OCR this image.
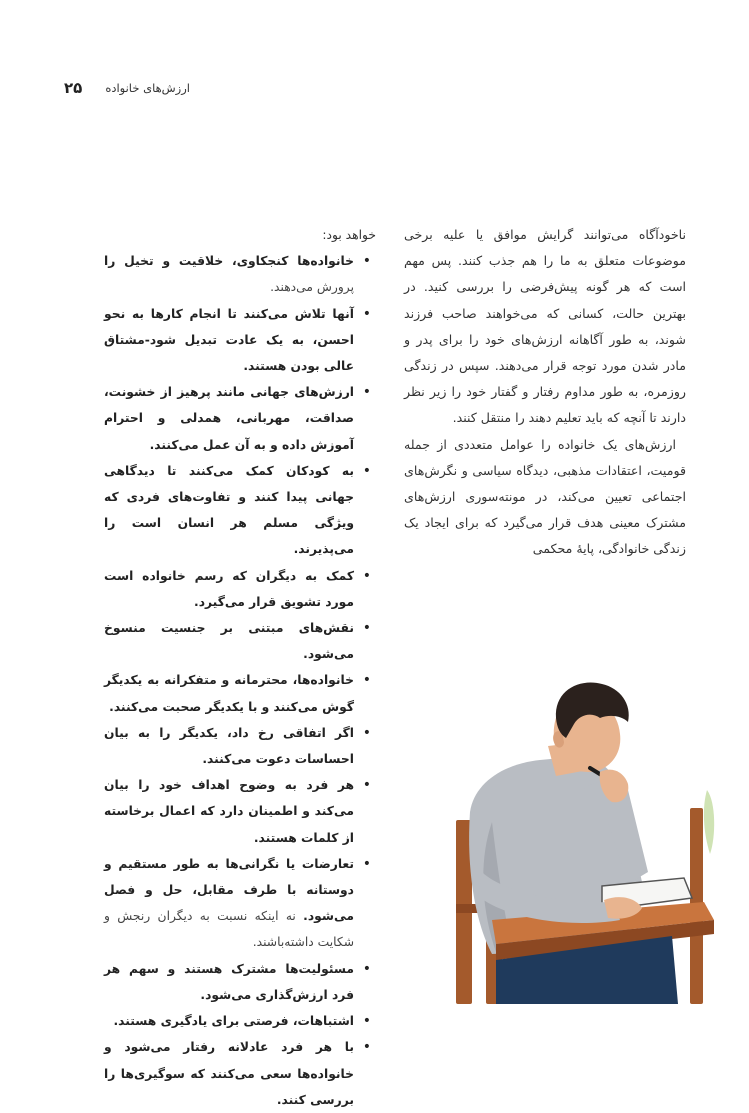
۲۵ ارزش‌های خانواده

ناخودآگاه می‌توانند گرایش موافق یا علیه برخی موضوعات متعلق به ما را هم جذب کنند. پس مهم است که هر گونه پیش‌فرضی را بررسی کنید. در بهترین حالت، کسانی که می‌خواهند صاحب فرزند شوند، به طور آگاهانه ارزش‌های خود را برای پدر و مادر شدن مورد توجه قرار می‌دهند. سپس در زندگی روزمره، به طور مداوم رفتار و گفتار خود را زیر نظر دارند تا آنچه که باید تعلیم دهند را منتقل کنند.

ارزش‌های یک خانواده را عوامل متعددی از جمله قومیت، اعتقادات مذهبی، دیدگاه سیاسی و نگرش‌های اجتماعی تعیین می‌کند، در مونته‌سوری ارزش‌های مشترک معینی هدف قرار می‌گیرد که برای ایجاد یک زندگی خانوادگی، پایهٔ محکمی

خواهد بود:

• خانواده‌ها کنجکاوی، خلاقیت و تخیل را پرورش می‌دهند.
• آنها تلاش می‌کنند تا انجام کارها به نحو احسن، به یک عادت تبدیل شود-مشتاق عالی بودن هستند.
• ارزش‌های جهانی مانند پرهیز از خشونت، صداقت، مهربانی، همدلی و احترام آموزش داده و به آن عمل می‌کنند.
• به کودکان کمک می‌کنند تا دیدگاهی جهانی پیدا کنند و تفاوت‌های فردی که ویژگی مسلم هر انسان است را می‌پذیرند.
• کمک به دیگران که رسم خانواده است مورد تشویق قرار می‌گیرد.
• نقش‌های مبتنی بر جنسیت منسوخ می‌شود.
• خانواده‌ها، محترمانه و متفکرانه به یکدیگر گوش می‌کنند و با یکدیگر صحبت می‌کنند.
• اگر اتفاقی رخ داد، یکدیگر را به بیان احساسات دعوت می‌کنند.
• هر فرد به وضوح اهداف خود را بیان می‌کند و اطمینان دارد که اعمال برخاسته از کلمات هستند.
• تعارضات یا نگرانی‌ها به طور مستقیم و دوستانه با طرف مقابل، حل و فصل می‌شود. نه اینکه نسبت به دیگران رنجش و شکایت داشته‌باشند.
• مسئولیت‌ها مشترک هستند و سهم هر فرد ارزش‌گذاری می‌شود.
• اشتباهات، فرصتی برای یادگیری هستند.
• با هر فرد عادلانه رفتار می‌شود و خانواده‌ها سعی می‌کنند که سوگیری‌ها را بررسی کنند.
